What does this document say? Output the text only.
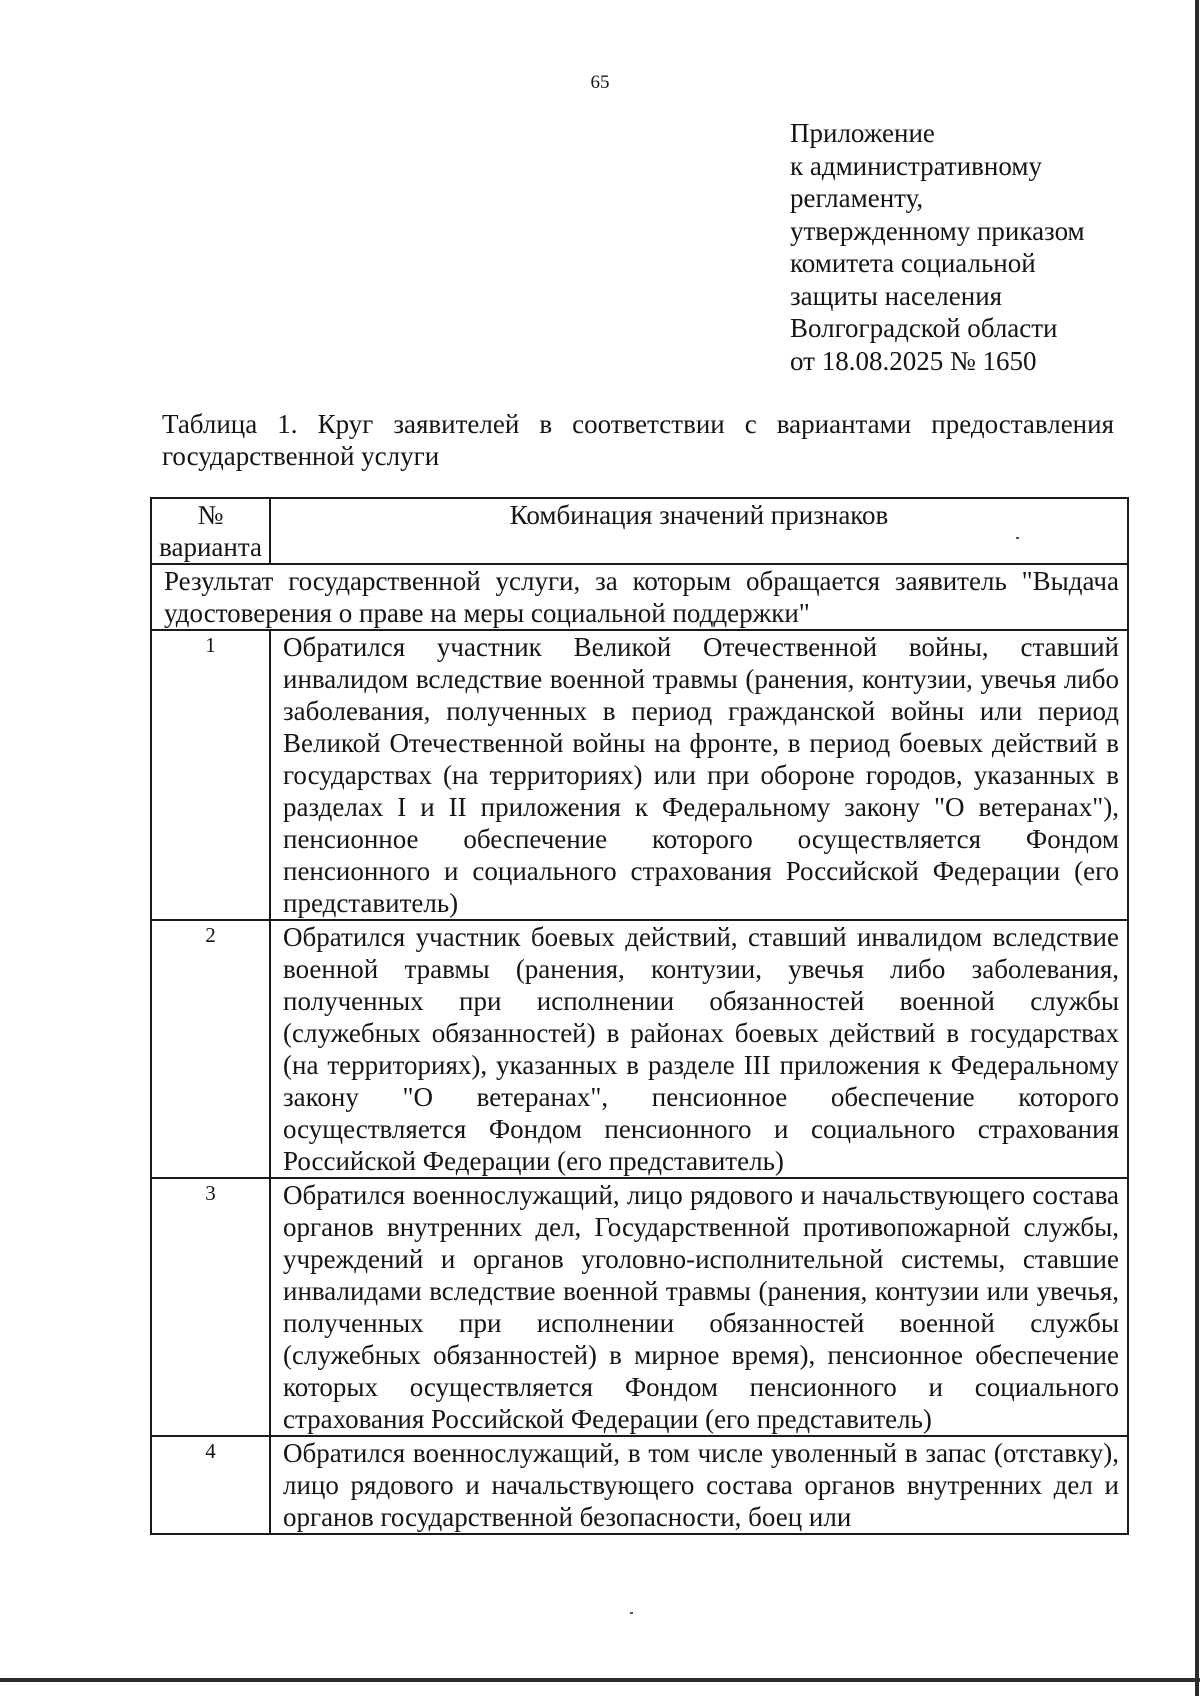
65
Приложение
к административному
регламенту,
утвержденному приказом
комитета социальной
защиты населения
Волгоградской области
от 18.08.2025 № 1650
Таблица 1. Круг заявителей в соответствии с вариантами предоставления государственной услуги
№ варианта	Комбинация значений признаков
Результат государственной услуги, за которым обращается заявитель "Выдача удостоверения о праве на меры социальной поддержки"	
1	Обратился участник Великой Отечественной войны, ставший инвалидом вследствие военной травмы (ранения, контузии, увечья либо заболевания, полученных в период гражданской войны или период Великой Отечественной войны на фронте, в период боевых действий в государствах (на территориях) или при обороне городов, указанных в разделах I и II приложения к Федеральному закону "О ветеранах"), пенсионное обеспечение которого осуществляется Фондом пенсионного и социального страхования Российской Федерации (его представитель)
2	Обратился участник боевых действий, ставший инвалидом вследствие военной травмы (ранения, контузии, увечья либо заболевания, полученных при исполнении обязанностей военной службы (служебных обязанностей) в районах боевых действий в государствах (на территориях), указанных в разделе III приложения к Федеральному закону "О ветеранах", пенсионное обеспечение которого осуществляется Фондом пенсионного и социального страхования Российской Федерации (его представитель)
3	Обратился военнослужащий, лицо рядового и начальствующего состава органов внутренних дел, Государственной противопожарной службы, учреждений и органов уголовно-исполнительной системы, ставшие инвалидами вследствие военной травмы (ранения, контузии или увечья, полученных при исполнении обязанностей военной службы (служебных обязанностей) в мирное время), пенсионное обеспечение которых осуществляется Фондом пенсионного и социального страхования Российской Федерации (его представитель)
4	Обратился военнослужащий, в том числе уволенный в запас (отставку), лицо рядового и начальствующего состава органов внутренних дел и органов государственной безопасности, боец или
